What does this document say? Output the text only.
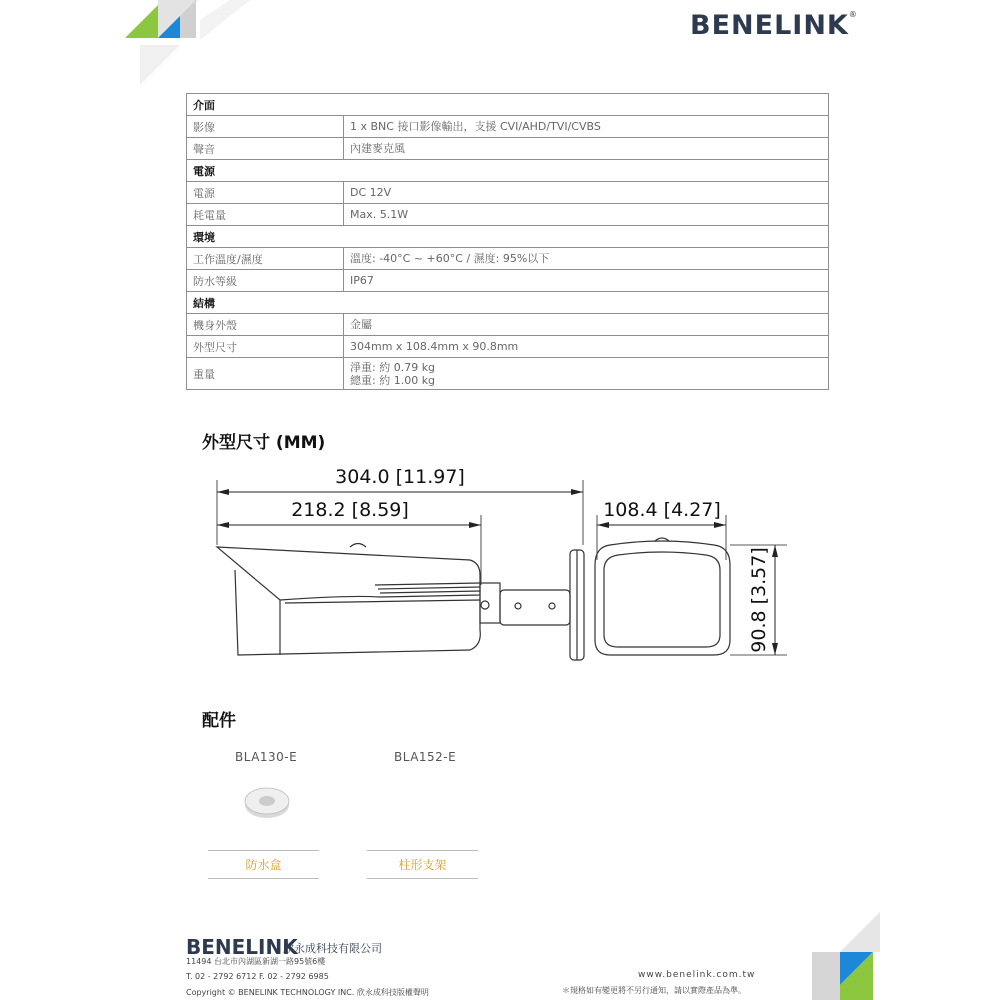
BENELINK®
介面	
影像	1 x BNC 接口影像輸出，支援 CVI/AHD/TVI/CVBS

聲音	內建麥克風

電源	
電源	DC 12V

耗電量	Max. 5.1W

環境	
工作溫度/濕度	溫度: -40°C ~ +60°C / 濕度: 95%以下

防水等級	IP67

結構	
機身外殼	金屬

外型尺寸	304mm x 108.4mm x 90.8mm

重量	淨重: 約 0.79 kg
總重: 約 1.00 kg
外型尺寸 (MM)
304.0 [11.97]
218.2 [8.59]	108.4 [4.27]
90.8 [3.57]
配件
BLA130-E	BLA152-E
防水盒	柱形支架
BENELINK
欣永成科技有限公司
11494 台北市內湖區新湖一路95號6樓
T. 02 - 2792 6712 F. 02 - 2792 6985
Copyright © BENELINK TECHNOLOGY INC. 欣永成科技版權聲明
www.benelink.com.tw
＊規格如有變更將不另行通知，請以實際產品為準。
